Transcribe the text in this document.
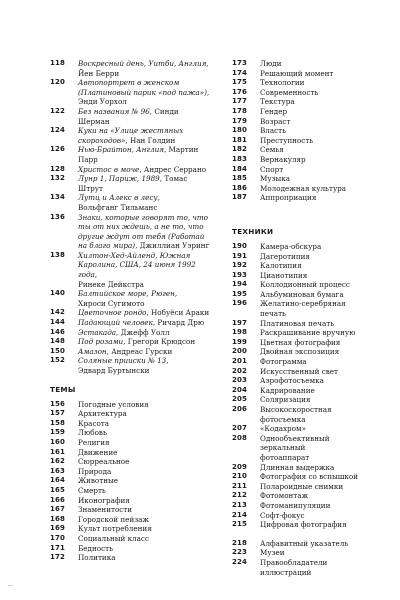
118	Воскресный день, Уитби, Англия,
Йен Берри
120	Автопортрет в женском
(Платиновый парик «под пажа»),
Энди Уорхол
122	Без названия № 96, Синди Шерман
124	Куки на «Улице жестяных
скороходов», Нан Голдин
126	Нью-Брайтон, Англия, Мартин Парр
128	Христос в моче, Андрес Серрано
132	Лунр 1, Париж, 1989, Томас Штрут
134	Лутц и Алекс в лесу,
Вольфганг Тильманс
136	Знаки, которые говорят то, что
ты от них ждешь, а не то, что
другие ждут от тебя (Работай
на благо мира), Джиллиан Уэринг
138	Хилтон-Хед-Айленд, Южная
Каролина, США, 24 июня 1992 года,
Ринеке Дейкстра
140	Балтийское море, Рюген,
Хироси Сугимото
142	Цветочное рондо, Нобуёси Араки
144	Падающий человек, Ричард Дрю
146	Эстакада, Джефф Уолл
148	Под розами, Грегори Крюдсон
150	Амазон, Андреас Гурски
152	Соляные прииски № 13,
Эдвард Буртынски
ТЕМЫ
156	Погодные условия
157	Архитектура
158	Красота
159	Любовь
160	Религия
161	Движение
162	Сюрреальное
163	Природа
164	Животные
165	Смерть
166	Иконография
167	Знаменитости
168	Городской пейзаж
169	Культ потребления
170	Социальный класс
171	Бедность
172	Политика
173	Люди
174	Решающий момент
175	Технологии
176	Современность
177	Текстура
178	Гендер
179	Возраст
180	Власть
181	Преступность
182	Семья
183	Вернакуляр
184	Спорт
185	Музыка
186	Молодежная культура
187	Аппроприация
ТЕХНИКИ
190	Камера-обскура
191	Дагеротипия
192	Калотипия
193	Цианотипия
194	Коллодионный процесс
195	Альбуминовая бумага
196	Желатино-серебряная печать
197	Платиновая печать
198	Раскрашивание вручную
199	Цветная фотография
200	Двойная экспозиция
201	Фотограмма
202	Искусственный свет
203	Аэрофотосъемка
204	Кадрирование
205	Соляризация
206	Высокоскоростная фотосъемка
207	«Кодахром»
208	Однообъективный зеркальный
фотоаппарат
209	Длинная выдержка
210	Фотография со вспышкой
211	Полароидные снимки
212	Фотомонтаж
213	Фотоманипуляции
214	Софт-фокус
215	Цифровая фотография
218	Алфавитный указатель
223	Музеи
224	Правообладатели иллюстраций
